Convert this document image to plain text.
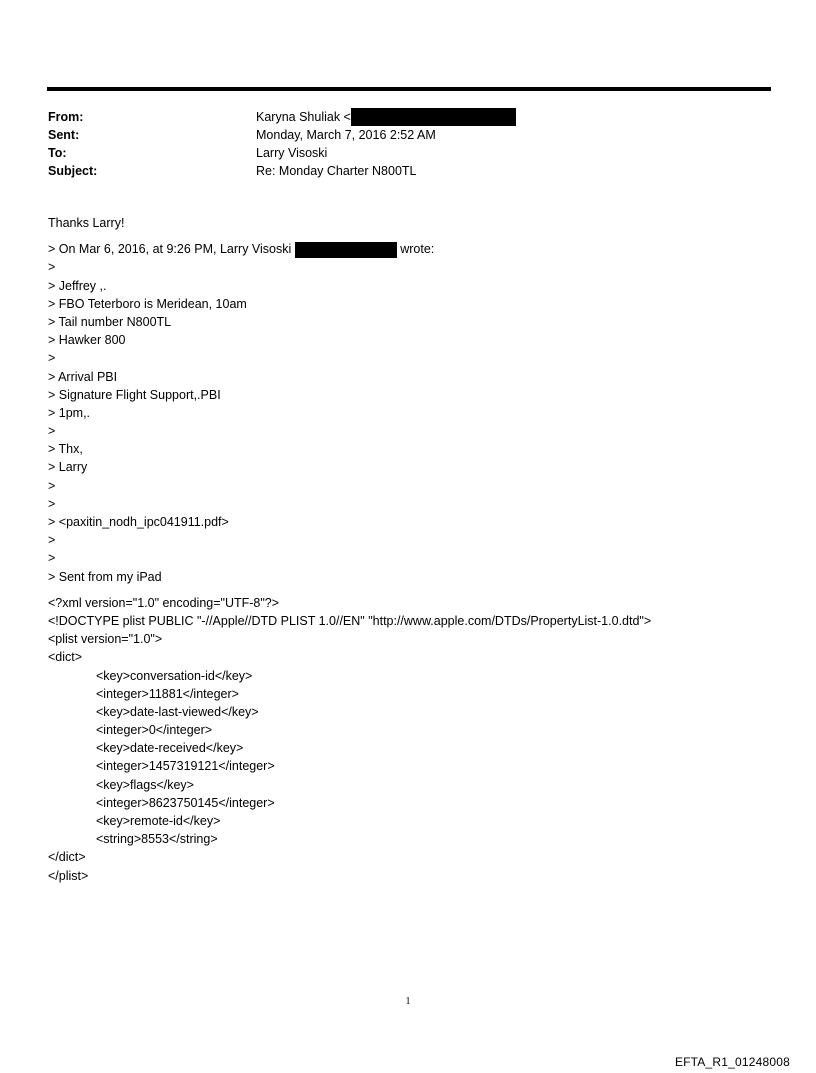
From:	Karyna Shuliak <
Sent:	Monday, March 7, 2016 2:52 AM
To:	Larry Visoski
Subject:	Re: Monday Charter N800TL
Thanks Larry!
> On Mar 6, 2016, at 9:26 PM, Larry Visoski	wrote:
>
> Jeffrey ,.
> FBO Teterboro is Meridean, 10am
> Tail number N800TL
> Hawker 800
>
> Arrival PBI
> Signature Flight Support,.PBI
> 1pm,.
>
> Thx,
> Larry
>
>
> <paxitin_nodh_ipc041911.pdf>
>
>
> Sent from my iPad
<?xml version="1.0" encoding="UTF-8"?>
<!DOCTYPE plist PUBLIC "-//Apple//DTD PLIST 1.0//EN" "http://www.apple.com/DTDs/PropertyList-1.0.dtd">
<plist version="1.0">
<dict>
<key>conversation-id</key>
<integer>11881</integer>
<key>date-last-viewed</key>
<integer>0</integer>
<key>date-received</key>
<integer>1457319121</integer>
<key>flags</key>
<integer>8623750145</integer>
<key>remote-id</key>
<string>8553</string>
</dict>
</plist>
1
EFTA_R1_01248008
